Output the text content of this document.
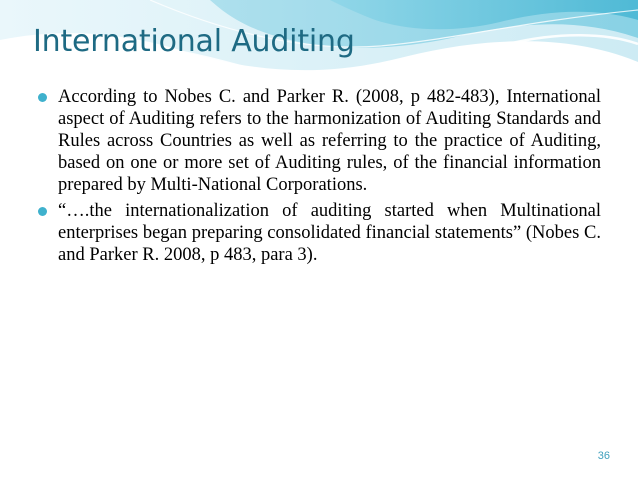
International Auditing
According to Nobes C. and Parker R. (2008, p 482-483), International aspect of Auditing refers to the harmonization of Auditing Standards and Rules across Countries as well as referring to the practice of Auditing, based on one or more set of Auditing rules, of the financial information prepared by Multi-National Corporations.
“….the internationalization of auditing started when Multinational enterprises began preparing consolidated financial statements” (Nobes C. and Parker R. 2008, p 483, para 3).
36
